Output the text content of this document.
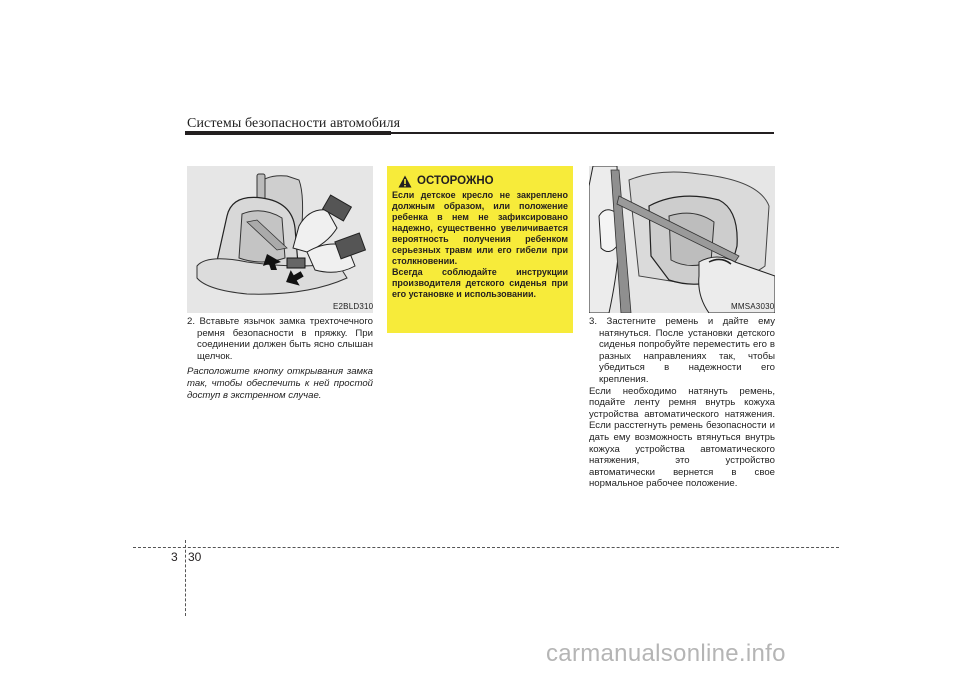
Системы безопасности автомобиля
E2BLD310

2. Вставьте язычок замка трехточечного ремня безопасности в пряжку. При соединении должен быть ясно слышан щелчок.

Расположите кнопку открывания замка так, чтобы обеспечить к ней простой доступ в экстренном случае.

ОСТОРОЖНО

Если детское кресло не закреплено должным образом, или положение ребенка в нем не зафиксировано надежно, существенно увеличивается вероятность получения ребенком серьезных травм или его гибели при столкновении.

Всегда соблюдайте инструкции производителя детского сиденья при его установке и использовании.

MMSA3030

3. Застегните ремень и дайте ему натянуться. После установки детского сиденья попробуйте переместить его в разных направлениях так, чтобы убедиться в надежности его крепления.

Если необходимо натянуть ремень, подайте ленту ремня внутрь кожуха устройства автоматического натяжения. Если расстегнуть ремень безопасности и дать ему возможность втянуться внутрь кожуха устройства автоматического натяжения, это устройство автоматически вернется в свое нормальное рабочее положение.

3 30
carmanualsonline.info
